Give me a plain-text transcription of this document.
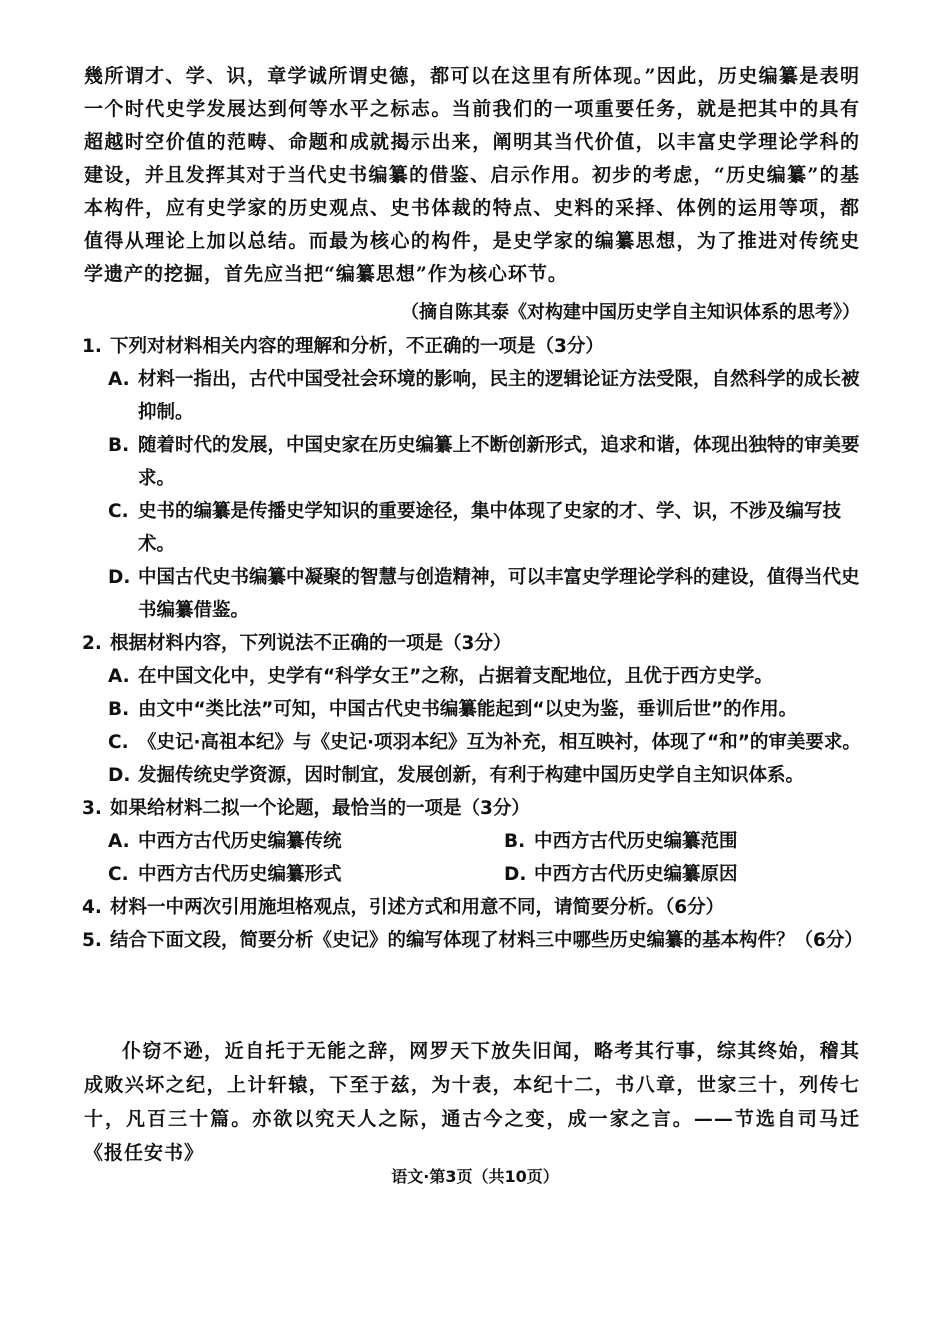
幾所谓才、学、识，章学诚所谓史德，都可以在这里有所体现。”因此，历史编纂是表明一个时代史学发展达到何等水平之标志。当前我们的一项重要任务，就是把其中的具有超越时空价值的范畴、命题和成就揭示出来，阐明其当代价值，以丰富史学理论学科的建设，并且发挥其对于当代史书编纂的借鉴、启示作用。初步的考虑，“历史编纂”的基本构件，应有史学家的历史观点、史书体裁的特点、史料的采择、体例的运用等项，都值得从理论上加以总结。而最为核心的构件，是史学家的编纂思想，为了推进对传统史学遗产的挖掘，首先应当把“编纂思想”作为核心环节。

（摘自陈其泰《对构建中国历史学自主知识体系的思考》）
1. 下列对材料相关内容的理解和分析，不正确的一项是（3分）
A. 材料一指出，古代中国受社会环境的影响，民主的逻辑论证方法受限，自然科学的成长被抑制。
B. 随着时代的发展，中国史家在历史编纂上不断创新形式，追求和谐，体现出独特的审美要求。
C. 史书的编纂是传播史学知识的重要途径，集中体现了史家的才、学、识，不涉及编写技术。
D. 中国古代史书编纂中凝聚的智慧与创造精神，可以丰富史学理论学科的建设，值得当代史书编纂借鉴。
2. 根据材料内容，下列说法不正确的一项是（3分）
A. 在中国文化中，史学有“科学女王”之称，占据着支配地位，且优于西方史学。
B. 由文中“类比法”可知，中国古代史书编纂能起到“以史为鉴，垂训后世”的作用。
C. 《史记·高祖本纪》与《史记·项羽本纪》互为补充，相互映衬，体现了“和”的审美要求。
D. 发掘传统史学资源，因时制宜，发展创新，有利于构建中国历史学自主知识体系。
3. 如果给材料二拟一个论题，最恰当的一项是（3分）
A. 中西方古代历史编纂传统	B. 中西方古代历史编纂范围
C. 中西方古代历史编纂形式	D. 中西方古代历史编纂原因
4. 材料一中两次引用施坦格观点，引述方式和用意不同，请简要分析。（6分）
5. 结合下面文段，简要分析《史记》的编写体现了材料三中哪些历史编纂的基本构件？（6分）
仆窃不逊，近自托于无能之辞，网罗天下放失旧闻，略考其行事，综其终始，稽其成败兴坏之纪，上计轩辕，下至于兹，为十表，本纪十二，书八章，世家三十，列传七十，凡百三十篇。亦欲以究天人之际，通古今之变，成一家之言。——节选自司马迁《报任安书》
语文·第3页（共10页）
